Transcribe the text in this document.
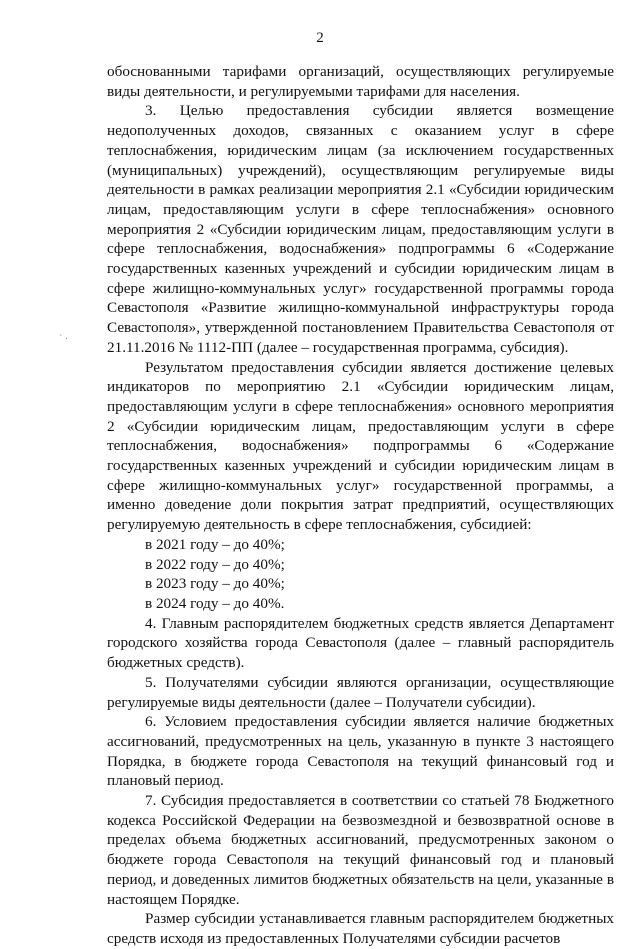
2
` ·

обоснованными тарифами организаций, осуществляющих регулируемые виды деятельности, и регулируемыми тарифами для населения.

3. Целью предоставления субсидии является возмещение недополученных доходов, связанных с оказанием услуг в сфере теплоснабжения, юридическим лицам (за исключением государственных (муниципальных) учреждений), осуществляющим регулируемые виды деятельности в рамках реализации мероприятия 2.1 «Субсидии юридическим лицам, предоставляющим услуги в сфере теплоснабжения» основного мероприятия 2 «Субсидии юридическим лицам, предоставляющим услуги в сфере теплоснабжения, водоснабжения» подпрограммы 6 «Содержание государственных казенных учреждений и субсидии юридическим лицам в сфере жилищно-коммунальных услуг» государственной программы города Севастополя «Развитие жилищно-коммунальной инфраструктуры города Севастополя», утвержденной постановлением Правительства Севастополя от 21.11.2016 № 1112-ПП (далее – государственная программа, субсидия).

Результатом предоставления субсидии является достижение целевых индикаторов по мероприятию 2.1 «Субсидии юридическим лицам, предоставляющим услуги в сфере теплоснабжения» основного мероприятия 2 «Субсидии юридическим лицам, предоставляющим услуги в сфере теплоснабжения, водоснабжения» подпрограммы 6 «Содержание государственных казенных учреждений и субсидии юридическим лицам в сфере жилищно-коммунальных услуг» государственной программы, а именно доведение доли покрытия затрат предприятий, осуществляющих регулируемую деятельность в сфере теплоснабжения, субсидией:

в 2021 году – до 40%;

в 2022 году – до 40%;

в 2023 году – до 40%;

в 2024 году – до 40%.

4. Главным распорядителем бюджетных средств является Департамент городского хозяйства города Севастополя (далее – главный распорядитель бюджетных средств).

5. Получателями субсидии являются организации, осуществляющие регулируемые виды деятельности (далее – Получатели субсидии).

6. Условием предоставления субсидии является наличие бюджетных ассигнований, предусмотренных на цель, указанную в пункте 3 настоящего Порядка, в бюджете города Севастополя на текущий финансовый год и плановый период.

7. Субсидия предоставляется в соответствии со статьей 78 Бюджетного кодекса Российской Федерации на безвозмездной и безвозвратной основе в пределах объема бюджетных ассигнований, предусмотренных законом о бюджете города Севастополя на текущий финансовый год и плановый период, и доведенных лимитов бюджетных обязательств на цели, указанные в настоящем Порядке.

Размер субсидии устанавливается главным распорядителем бюджетных средств исходя из предоставленных Получателями субсидии расчетов
